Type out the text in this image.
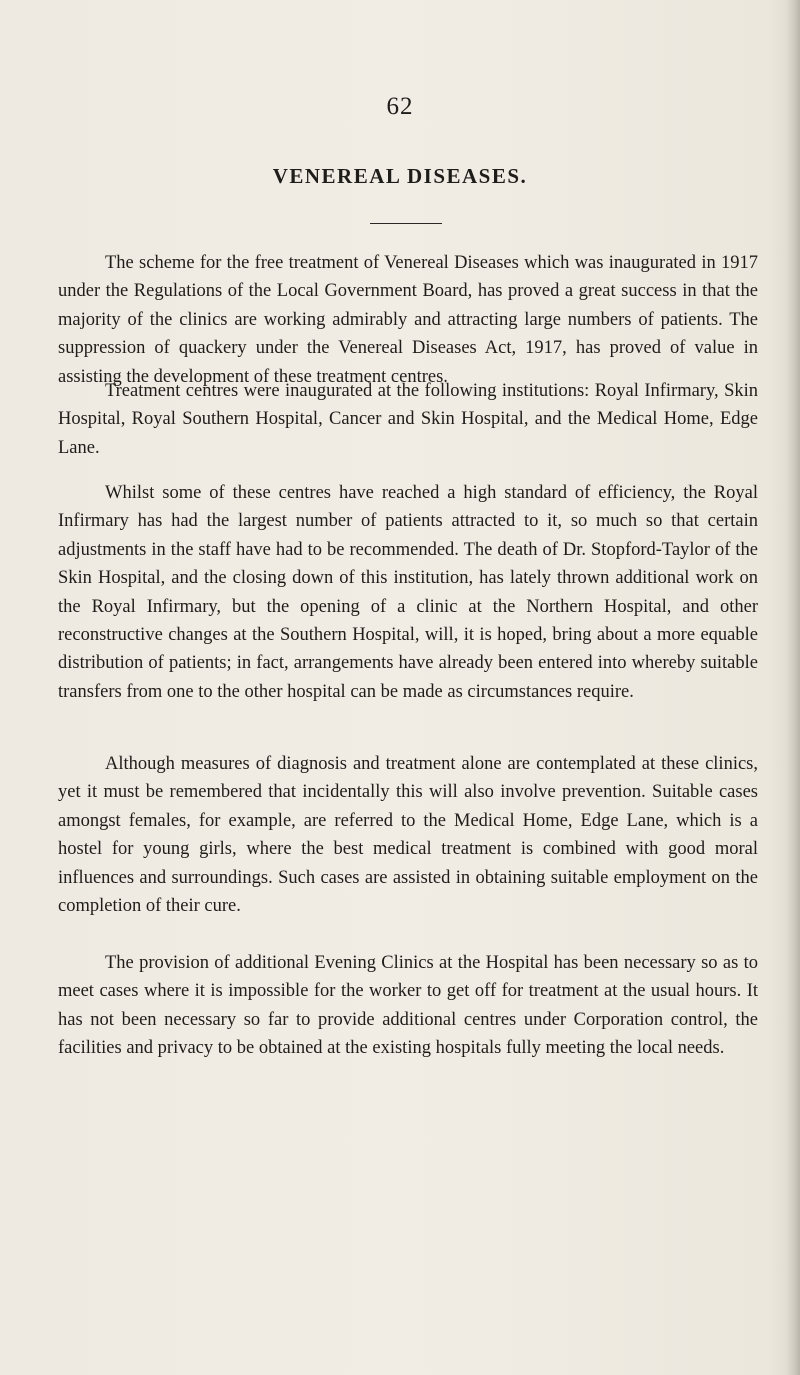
62
VENEREAL DISEASES.

The scheme for the free treatment of Venereal Diseases which was inaugurated in 1917 under the Regulations of the Local Government Board, has proved a great success in that the majority of the clinics are working admirably and attracting large numbers of patients. The suppression of quackery under the Venereal Diseases Act, 1917, has proved of value in assisting the development of these treatment centres.

Treatment centres were inaugurated at the following institutions: Royal Infirmary, Skin Hospital, Royal Southern Hospital, Cancer and Skin Hospital, and the Medical Home, Edge Lane.

Whilst some of these centres have reached a high standard of efficiency, the Royal Infirmary has had the largest number of patients attracted to it, so much so that certain adjustments in the staff have had to be recommended. The death of Dr. Stopford-Taylor of the Skin Hospital, and the closing down of this institution, has lately thrown additional work on the Royal Infirmary, but the opening of a clinic at the Northern Hospital, and other reconstructive changes at the Southern Hospital, will, it is hoped, bring about a more equable distribution of patients; in fact, arrangements have already been entered into whereby suitable transfers from one to the other hospital can be made as circumstances require.

Although measures of diagnosis and treatment alone are contemplated at these clinics, yet it must be remembered that incidentally this will also involve prevention. Suitable cases amongst females, for example, are referred to the Medical Home, Edge Lane, which is a hostel for young girls, where the best medical treatment is combined with good moral influences and surroundings. Such cases are assisted in obtaining suitable employment on the completion of their cure.

The provision of additional Evening Clinics at the Hospital has been necessary so as to meet cases where it is impossible for the worker to get off for treatment at the usual hours. It has not been necessary so far to provide additional centres under Corporation control, the facilities and privacy to be obtained at the existing hospitals fully meeting the local needs.
